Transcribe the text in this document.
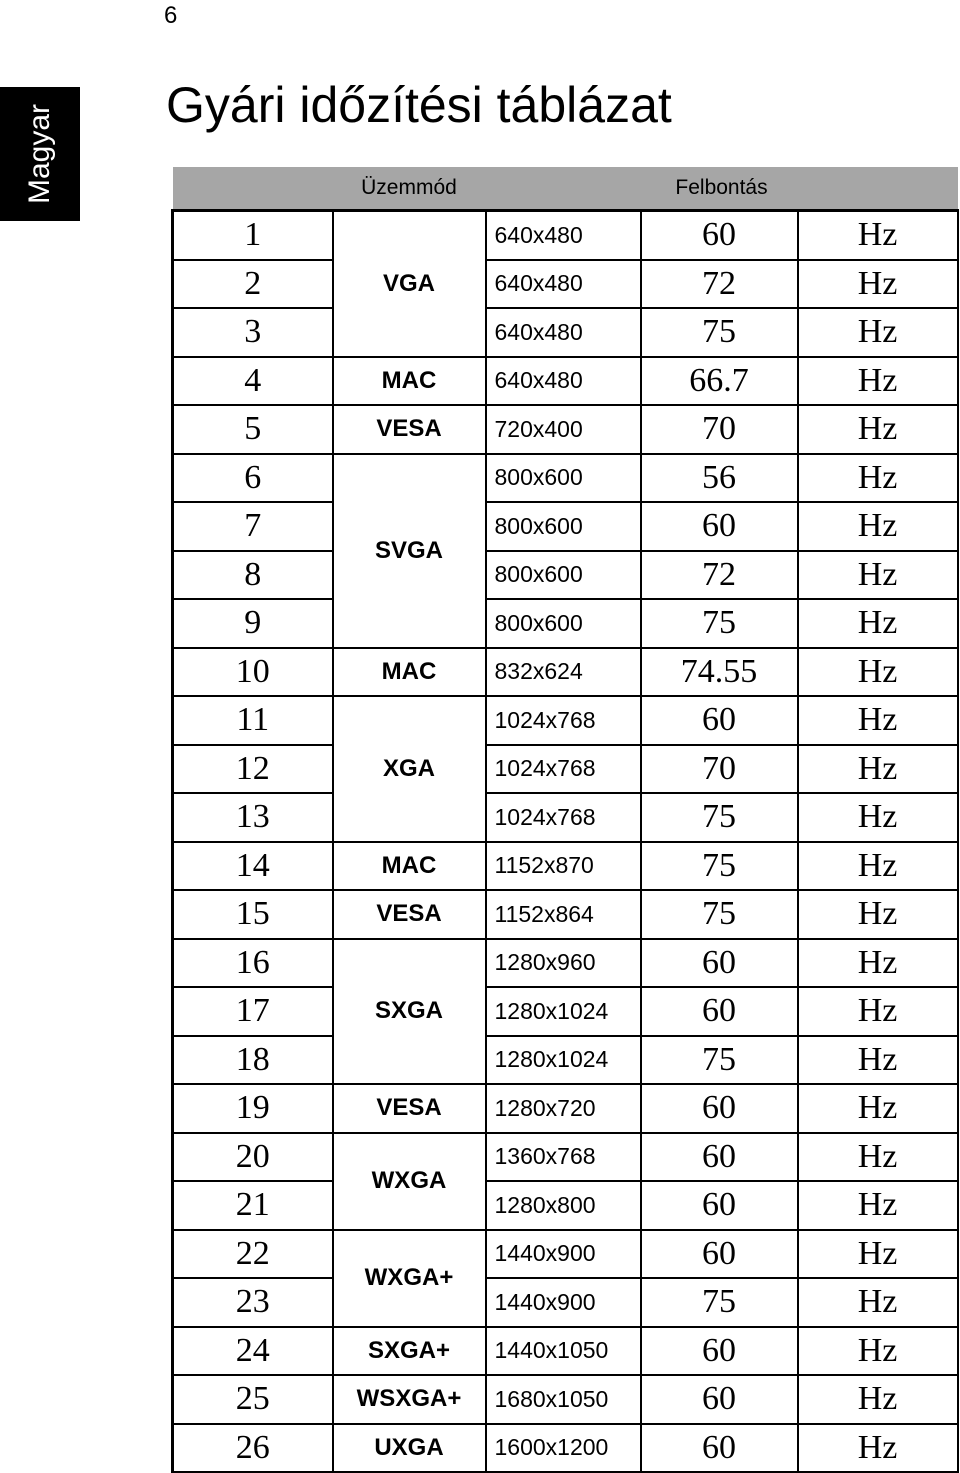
6
Magyar Gyári időzítési táblázat
	Üzemmód	Felbontás		
1	VGA	640x480	60	Hz
2		640x480	72	Hz
3		640x480	75	Hz
4	MAC	640x480	66.7	Hz
5	VESA	720x400	70	Hz
6	SVGA	800x600	56	Hz
7		800x600	60	Hz
8		800x600	72	Hz
9		800x600	75	Hz
10	MAC	832x624	74.55	Hz
11	XGA	1024x768	60	Hz
12		1024x768	70	Hz
13		1024x768	75	Hz
14	MAC	1152x870	75	Hz
15	VESA	1152x864	75	Hz
16	SXGA	1280x960	60	Hz
17		1280x1024	60	Hz
18		1280x1024	75	Hz
19	VESA	1280x720	60	Hz
20	WXGA	1360x768	60	Hz
21		1280x800	60	Hz
22	WXGA+	1440x900	60	Hz
23		1440x900	75	Hz
24	SXGA+	1440x1050	60	Hz
25	WSXGA+	1680x1050	60	Hz
26	UXGA	1600x1200	60	Hz
